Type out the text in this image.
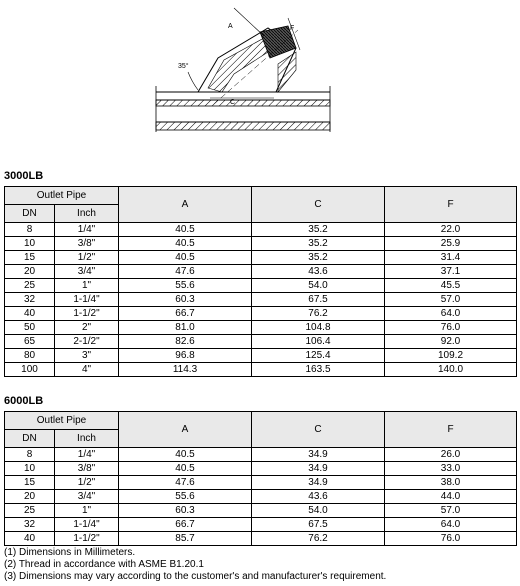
C
A	F
35°
3000LB
Outlet Pipe		A	C	F
DN	Inch			
8	1/4"	40.5	35.2	22.0
10	3/8"	40.5	35.2	25.9
15	1/2"	40.5	35.2	31.4
20	3/4"	47.6	43.6	37.1
25	1"	55.6	54.0	45.5
32	1-1/4"	60.3	67.5	57.0
40	1-1/2"	66.7	76.2	64.0
50	2"	81.0	104.8	76.0
65	2-1/2"	82.6	106.4	92.0
80	3"	96.8	125.4	109.2
100	4"	114.3	163.5	140.0
6000LB
Outlet Pipe		A	C	F
DN	Inch			
8	1/4"	40.5	34.9	26.0
10	3/8"	40.5	34.9	33.0
15	1/2"	47.6	34.9	38.0
20	3/4"	55.6	43.6	44.0
25	1"	60.3	54.0	57.0
32	1-1/4"	66.7	67.5	64.0
40	1-1/2"	85.7	76.2	76.0
(1) Dimensions in Millimeters.
(2) Thread in accordance with ASME B1.20.1
(3) Dimensions may vary according to the customer's and manufacturer's requirement.
